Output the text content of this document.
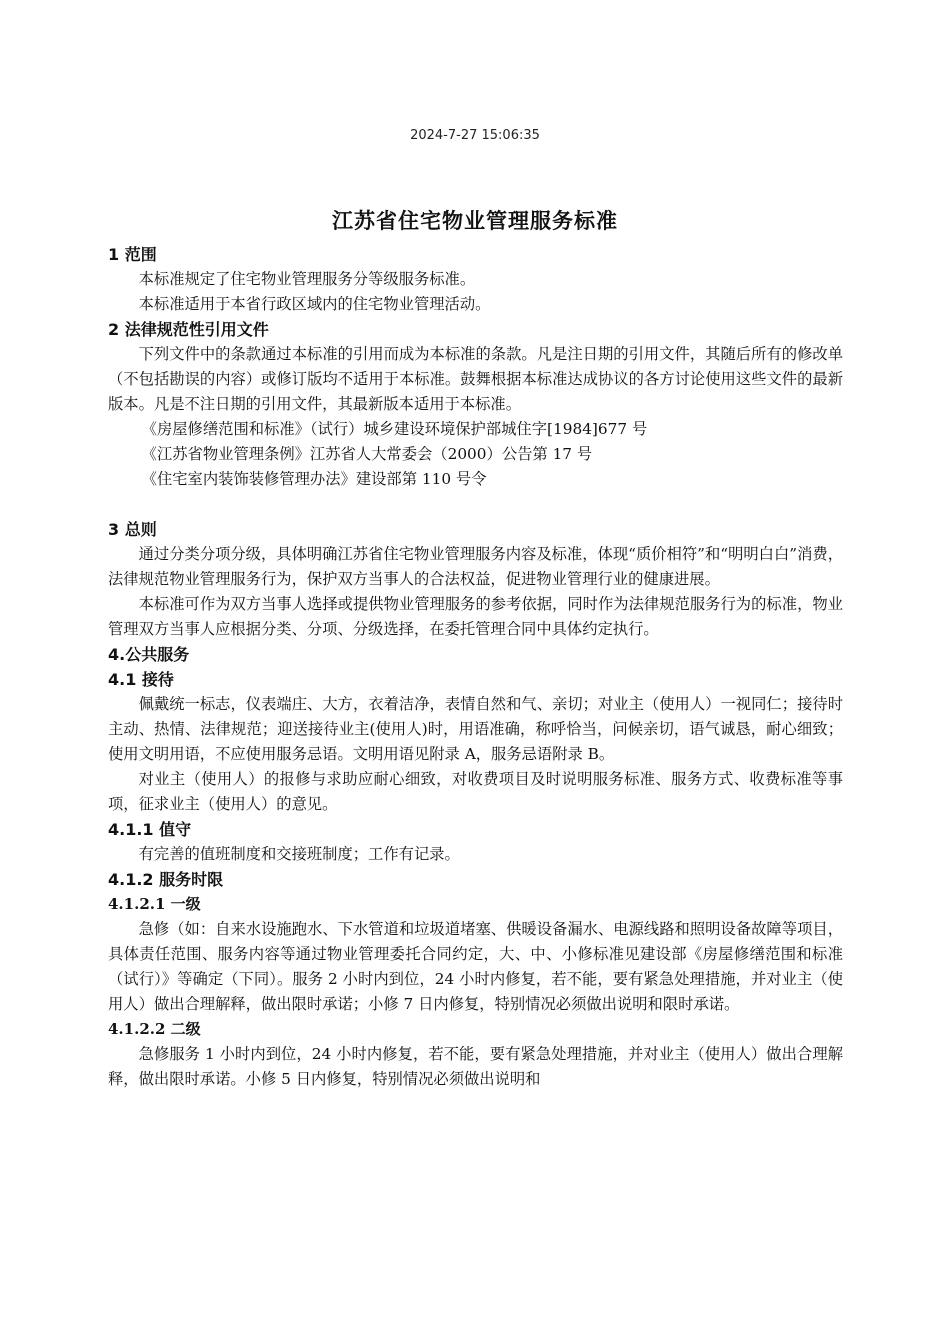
2024-7-27 15:06:35
江苏省住宅物业管理服务标准

1 范围

本标准规定了住宅物业管理服务分等级服务标准。

本标准适用于本省行政区域内的住宅物业管理活动。

2 法律规范性引用文件

下列文件中的条款通过本标准的引用而成为本标准的条款。凡是注日期的引用文件，其随后所有的修改单（不包括勘误的内容）或修订版均不适用于本标准。鼓舞根据本标准达成协议的各方讨论使用这些文件的最新版本。凡是不注日期的引用文件，其最新版本适用于本标准。

《房屋修缮范围和标准》（试行）城乡建设环境保护部城住字[1984]677 号

《江苏省物业管理条例》江苏省人大常委会（2000）公告第 17 号

《住宅室内装饰装修管理办法》建设部第 110 号令

3 总则

通过分类分项分级，具体明确江苏省住宅物业管理服务内容及标准，体现“质价相符”和“明明白白”消费，法律规范物业管理服务行为，保护双方当事人的合法权益，促进物业管理行业的健康进展。

本标准可作为双方当事人选择或提供物业管理服务的参考依据，同时作为法律规范服务行为的标准，物业管理双方当事人应根据分类、分项、分级选择，在委托管理合同中具体约定执行。

4.公共服务

4.1 接待

佩戴统一标志，仪表端庄、大方，衣着洁净，表情自然和气、亲切；对业主（使用人）一视同仁；接待时主动、热情、法律规范；迎送接待业主(使用人)时，用语准确，称呼恰当，问候亲切，语气诚恳，耐心细致；使用文明用语，不应使用服务忌语。文明用语见附录 A，服务忌语附录 B。

对业主（使用人）的报修与求助应耐心细致，对收费项目及时说明服务标准、服务方式、收费标准等事项，征求业主（使用人）的意见。

4.1.1 值守

有完善的值班制度和交接班制度；工作有记录。

4.1.2 服务时限

4.1.2.1 一级

急修（如：自来水设施跑水、下水管道和垃圾道堵塞、供暖设备漏水、电源线路和照明设备故障等项目，具体责任范围、服务内容等通过物业管理委托合同约定，大、中、小修标准见建设部《房屋修缮范围和标准（试行）》等确定（下同）。服务 2 小时内到位，24 小时内修复，若不能，要有紧急处理措施，并对业主（使用人）做出合理解释，做出限时承诺；小修 7 日内修复，特别情况必须做出说明和限时承诺。

4.1.2.2 二级

急修服务 1 小时内到位，24 小时内修复，若不能，要有紧急处理措施，并对业主（使用人）做出合理解释，做出限时承诺。小修 5 日内修复，特别情况必须做出说明和
